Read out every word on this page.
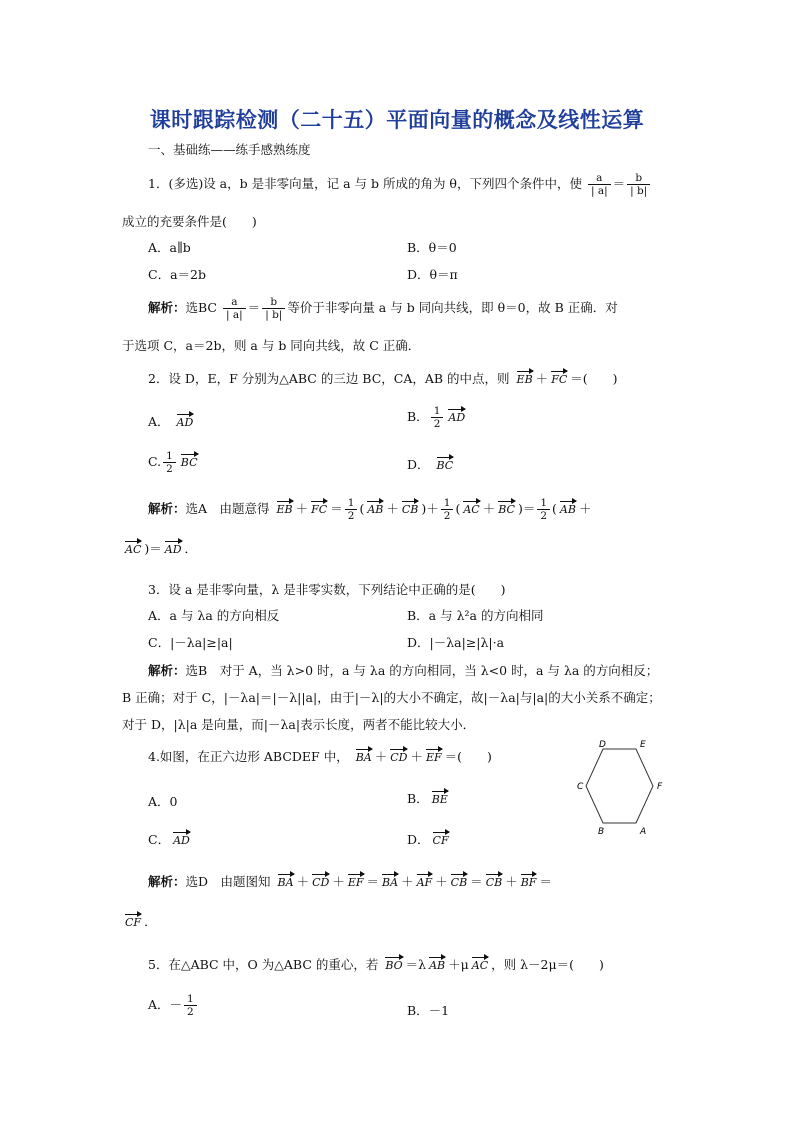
课时跟踪检测（二十五）平面向量的概念及线性运算
一、基础练——练手感熟练度
1．(多选)设 a，b 是非零向量，记 a 与 b 所成的角为 θ，下列四个条件中，使 $\frac{a}{| a|} = \frac{b}{| b|}$
成立的充要条件是(　　)
A．a∥b	B．θ＝0
C．a＝2b	D．θ＝π
解析：选BC $\frac{a}{| a|} = \frac{b}{| b|}$ 等价于非零向量 a 与 b 同向共线，即 θ＝0，故 B 正确．对
于选项 C，a＝2b，则 a 与 b 同向共线，故 C 正确．
2．设 D，E，F 分别为△ABC 的三边 BC，CA，AB 的中点，则 EB ＋ FC ＝(　　)
A． AD	B． $\frac{1}{2}$ AD
C. $\frac{1}{2}$ BC	D． BC
解析：选A　由题意得 EB ＋ FC ＝ $\frac{1}{2}$ ( AB ＋ CB )＋ $\frac{1}{2}$ ( AC ＋ BC )＝ $\frac{1}{2}$ ( AB ＋
AC )＝ AD ．
3．设 a 是非零向量，λ 是非零实数，下列结论中正确的是(　　)
A．a 与 λa 的方向相反	B．a 与 λ²a 的方向相同
C．|－λa|≥|a|	D．|－λa|≥|λ|·a
解析：选B　对于 A，当 λ>0 时，a 与 λa 的方向相同，当 λ<0 时，a 与 λa 的方向相反；
B 正确；对于 C，|－λa|＝|－λ||a|，由于|－λ|的大小不确定，故|－λa|与|a|的大小关系不确定；
对于 D，|λ|a 是向量，而|－λa|表示长度，两者不能比较大小．
4.如图，在正六边形 ABCDEF 中， BA ＋ CD ＋ EF ＝(　　)
A．0	B． BE
C． AD	D． CF
D	E
C	F
B	A
解析：选D　由题图知 BA ＋ CD ＋ EF ＝ BA ＋ AF ＋ CB ＝ CB ＋ BF ＝
CF ．
5．在△ABC 中，O 为△ABC 的重心，若 BO ＝λ AB ＋μ AC ，则 λ－2μ＝(　　)
A．－ $\frac{1}{2}$	B．－1
